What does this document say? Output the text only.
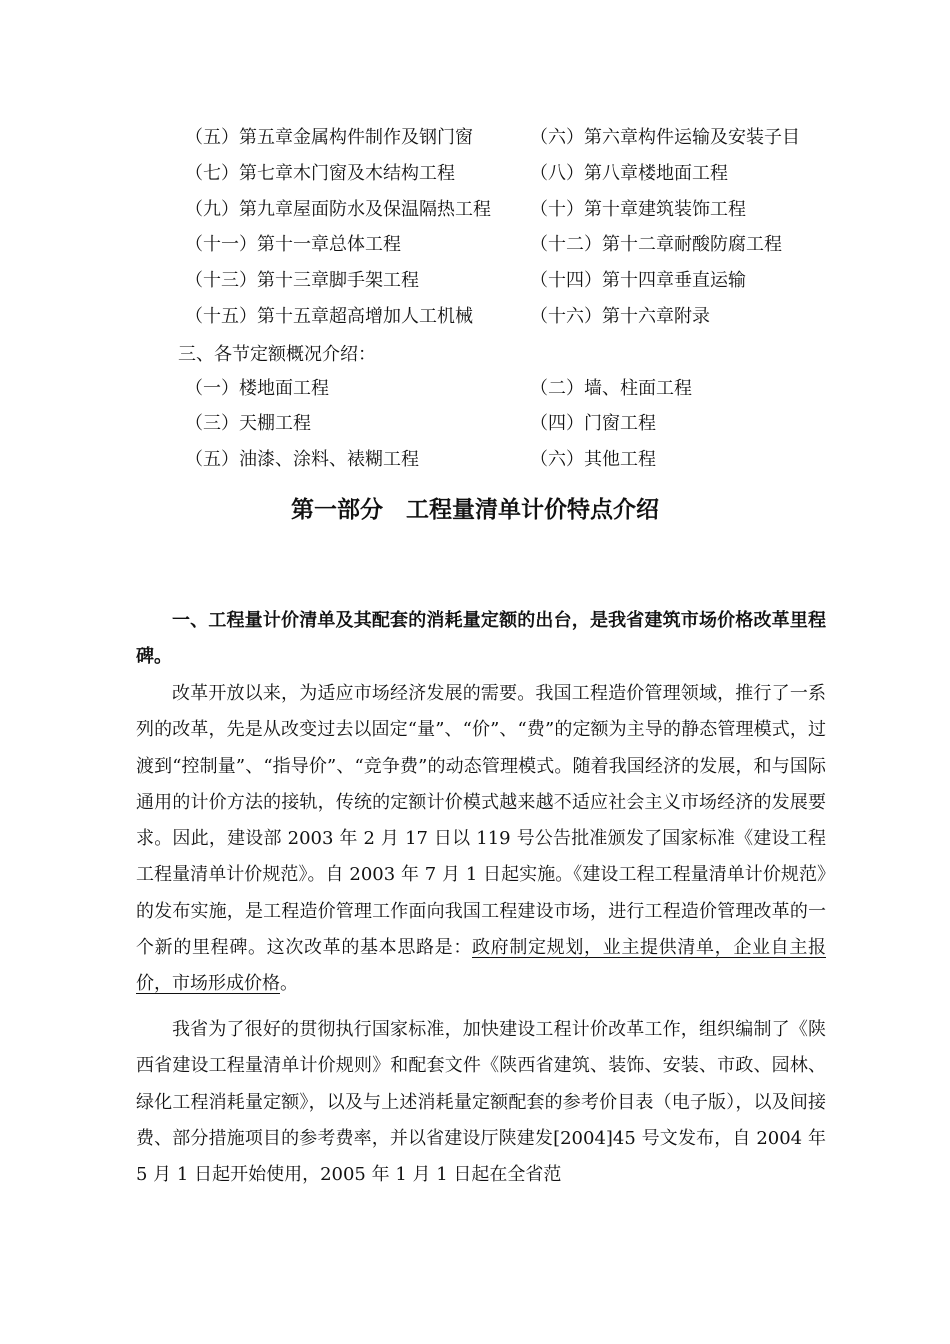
（五）第五章金属构件制作及钢门窗	（六）第六章构件运输及安装子目
（七）第七章木门窗及木结构工程	（八）第八章楼地面工程
（九）第九章屋面防水及保温隔热工程 （十）第十章建筑装饰工程
（十一）第十一章总体工程	（十二）第十二章耐酸防腐工程
（十三）第十三章脚手架工程	（十四）第十四章垂直运输
（十五）第十五章超高增加人工机械	（十六）第十六章附录
三、各节定额概况介绍：
（一）楼地面工程	（二）墙、柱面工程
（三）天棚工程	（四）门窗工程
（五）油漆、涂料、裱糊工程	（六）其他工程
第一部分　工程量清单计价特点介绍
一、工程量计价清单及其配套的消耗量定额的出台，是我省建筑市场价格改革里程碑。
改革开放以来，为适应市场经济发展的需要。我国工程造价管理领域，推行了一系列的改革，先是从改变过去以固定“量”、“价”、“费”的定额为主导的静态管理模式，过渡到“控制量”、“指导价”、“竞争费”的动态管理模式。随着我国经济的发展，和与国际通用的计价方法的接轨，传统的定额计价模式越来越不适应社会主义市场经济的发展要求。因此，建设部 2003 年 2 月 17 日以 119 号公告批准颁发了国家标准《建设工程工程量清单计价规范》。自 2003 年 7 月 1 日起实施。《建设工程工程量清单计价规范》的发布实施，是工程造价管理工作面向我国工程建设市场，进行工程造价管理改革的一个新的里程碑。这次改革的基本思路是：政府制定规划，业主提供清单，企业自主报价，市场形成价格。
我省为了很好的贯彻执行国家标准，加快建设工程计价改革工作，组织编制了《陕西省建设工程量清单计价规则》和配套文件《陕西省建筑、装饰、安装、市政、园林、绿化工程消耗量定额》，以及与上述消耗量定额配套的参考价目表（电子版），以及间接费、部分措施项目的参考费率，并以省建设厅陕建发[2004]45 号文发布，自 2004 年 5 月 1 日起开始使用，2005 年 1 月 1 日起在全省范
